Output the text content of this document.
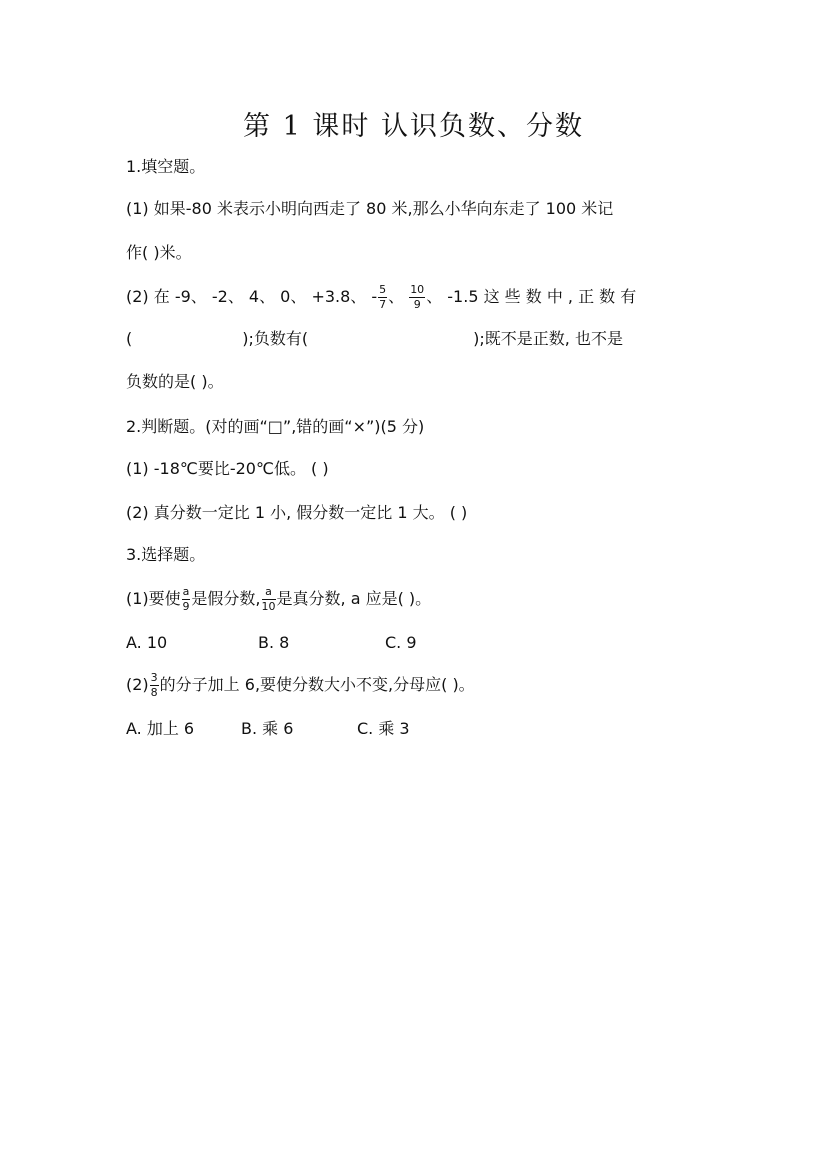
第 1 课时 认识负数、分数
1.填空题。
(1) 如果-80 米表示小明向西走了 80 米,那么小华向东走了 100 米记
作( )米。
(2) 在 -9、 -2、 4、 0、 +3.8、 - $\frac{5}{7}$ 、 $\frac{10}{9}$ 、 -1.5 这 些 数 中 , 正 数 有
(	);负数有(	);既不是正数, 也不是
负数的是( )。
2.判断题。(对的画“□”,错的画“×”)(5 分)
(1) -18℃要比-20℃低。 ( )
(2) 真分数一定比 1 小, 假分数一定比 1 大。 ( )
3.选择题。
(1)要使 $\frac{a}{9}$ 是假分数, $\frac{a}{10}$ 是真分数, a 应是( )。
A. 10	B. 8	C. 9
$(2) \frac{3}{8}$ 的分子加上 6,要使分数大小不变,分母应( )。
A. 加上 6	B. 乘 6	C. 乘 3
